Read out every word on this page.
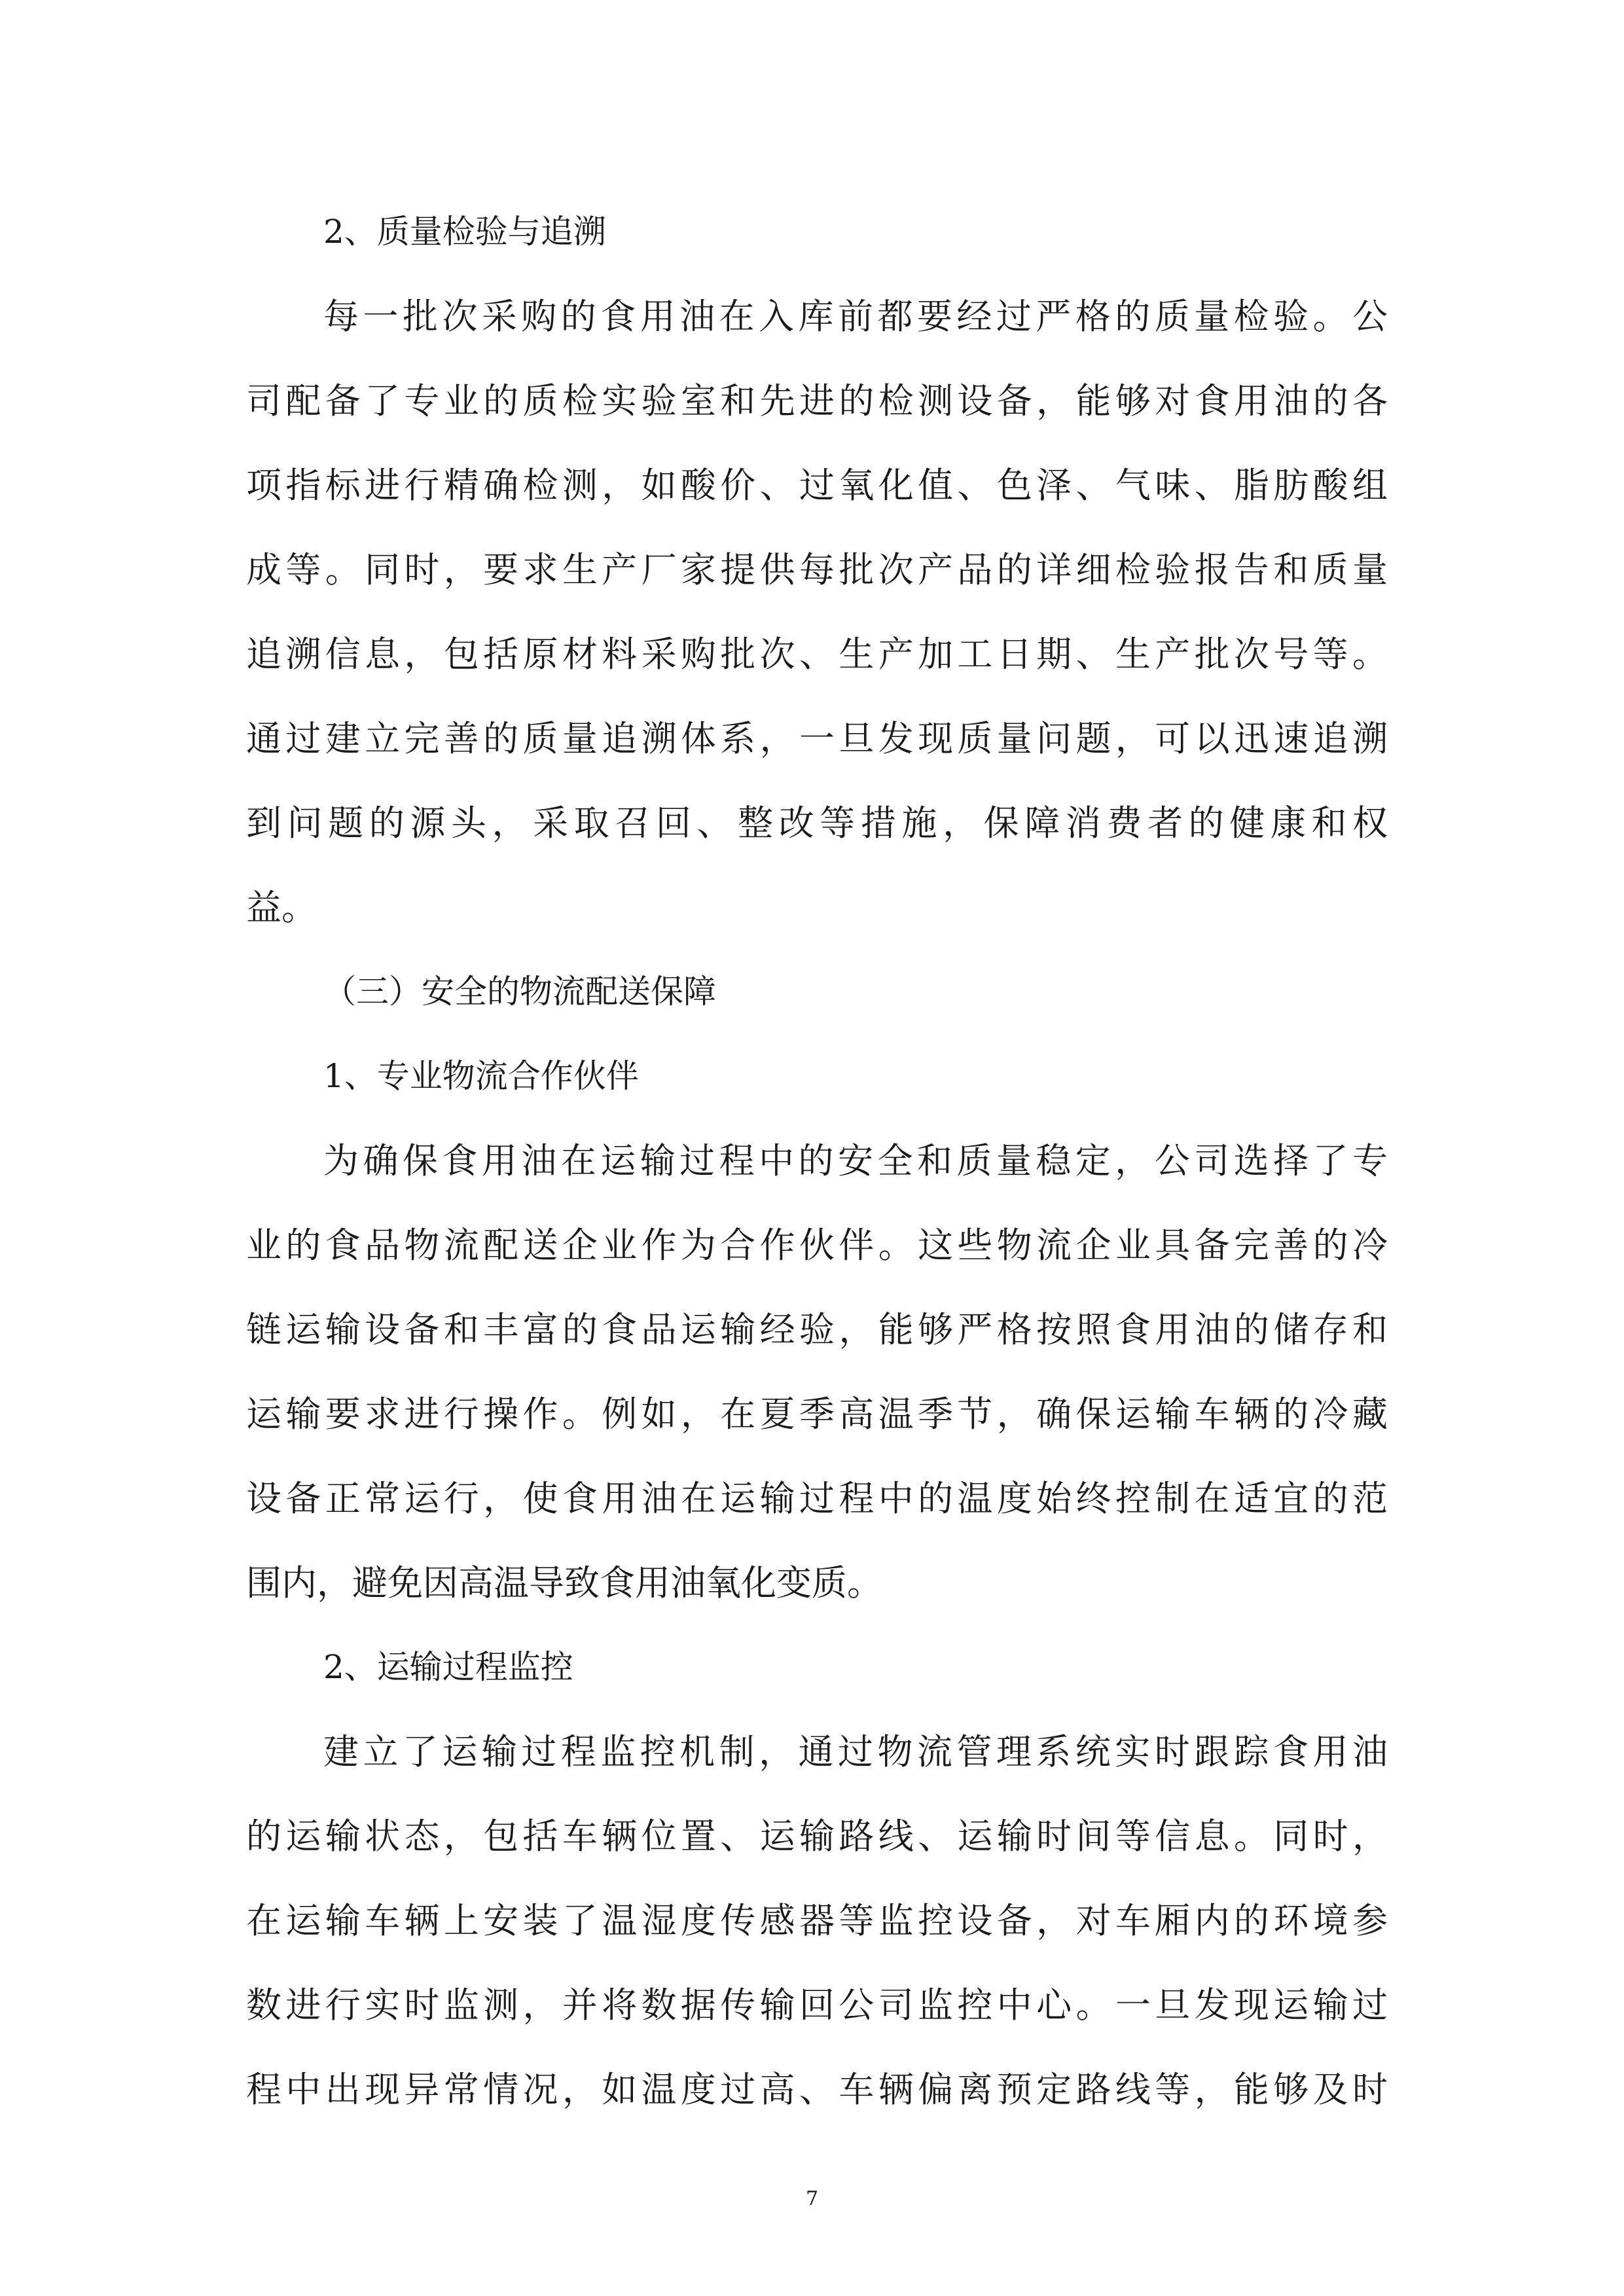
2、质量检验与追溯
每一批次采购的食用油在入库前都要经过严格的质量检验。公
司配备了专业的质检实验室和先进的检测设备，能够对食用油的各
项指标进行精确检测，如酸价、过氧化值、色泽、气味、脂肪酸组
成等。同时，要求生产厂家提供每批次产品的详细检验报告和质量
追溯信息，包括原材料采购批次、生产加工日期、生产批次号等。
通过建立完善的质量追溯体系，一旦发现质量问题，可以迅速追溯
到问题的源头，采取召回、整改等措施，保障消费者的健康和权
益。
（三）安全的物流配送保障
1、专业物流合作伙伴
为确保食用油在运输过程中的安全和质量稳定，公司选择了专
业的食品物流配送企业作为合作伙伴。这些物流企业具备完善的冷
链运输设备和丰富的食品运输经验，能够严格按照食用油的储存和
运输要求进行操作。例如，在夏季高温季节，确保运输车辆的冷藏
设备正常运行，使食用油在运输过程中的温度始终控制在适宜的范
围内，避免因高温导致食用油氧化变质。
2、运输过程监控
建立了运输过程监控机制，通过物流管理系统实时跟踪食用油
的运输状态，包括车辆位置、运输路线、运输时间等信息。同时，
在运输车辆上安装了温湿度传感器等监控设备，对车厢内的环境参
数进行实时监测，并将数据传输回公司监控中心。一旦发现运输过
程中出现异常情况，如温度过高、车辆偏离预定路线等，能够及时
7
